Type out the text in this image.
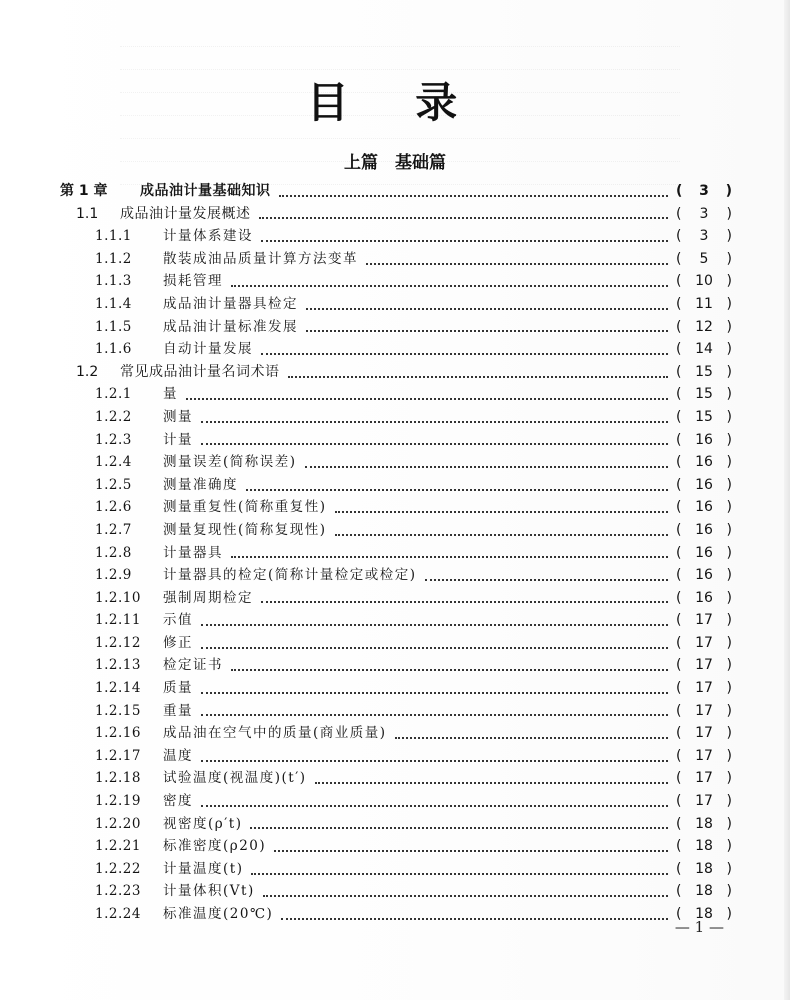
目 录
上篇　基础篇
第 1 章	成品油计量基础知识	( 3 )
1.1	成品油计量发展概述	( 3 )
1.1.1	计量体系建设	( 3 )
1.1.2	散装成油品质量计算方法变革	( 5 )
1.1.3	损耗管理	( 10 )
1.1.4	成品油计量器具检定	( 11 )
1.1.5	成品油计量标准发展	( 12 )
1.1.6	自动计量发展	( 14 )
1.2	常见成品油计量名词术语	( 15 )
1.2.1	量	( 15 )
1.2.2	测量	( 15 )
1.2.3	计量	( 16 )
1.2.4	测量误差(简称误差)	( 16 )
1.2.5	测量准确度	( 16 )
1.2.6	测量重复性(简称重复性)	( 16 )
1.2.7	测量复现性(简称复现性)	( 16 )
1.2.8	计量器具	( 16 )
1.2.9	计量器具的检定(简称计量检定或检定)	( 16 )
1.2.10	强制周期检定	( 16 )
1.2.11	示值	( 17 )
1.2.12	修正	( 17 )
1.2.13	检定证书	( 17 )
1.2.14	质量	( 17 )
1.2.15	重量	( 17 )
1.2.16	成品油在空气中的质量(商业质量)	( 17 )
1.2.17	温度	( 17 )
1.2.18	试验温度(视温度)(t′)	( 17 )
1.2.19	密度	( 17 )
1.2.20	视密度(ρ′t)	( 18 )
1.2.21	标准密度(ρ20)	( 18 )
1.2.22	计量温度(t)	( 18 )
1.2.23	计量体积(Vt)	( 18 )
1.2.24	标准温度(20℃)	( 18 )
— 1 —
